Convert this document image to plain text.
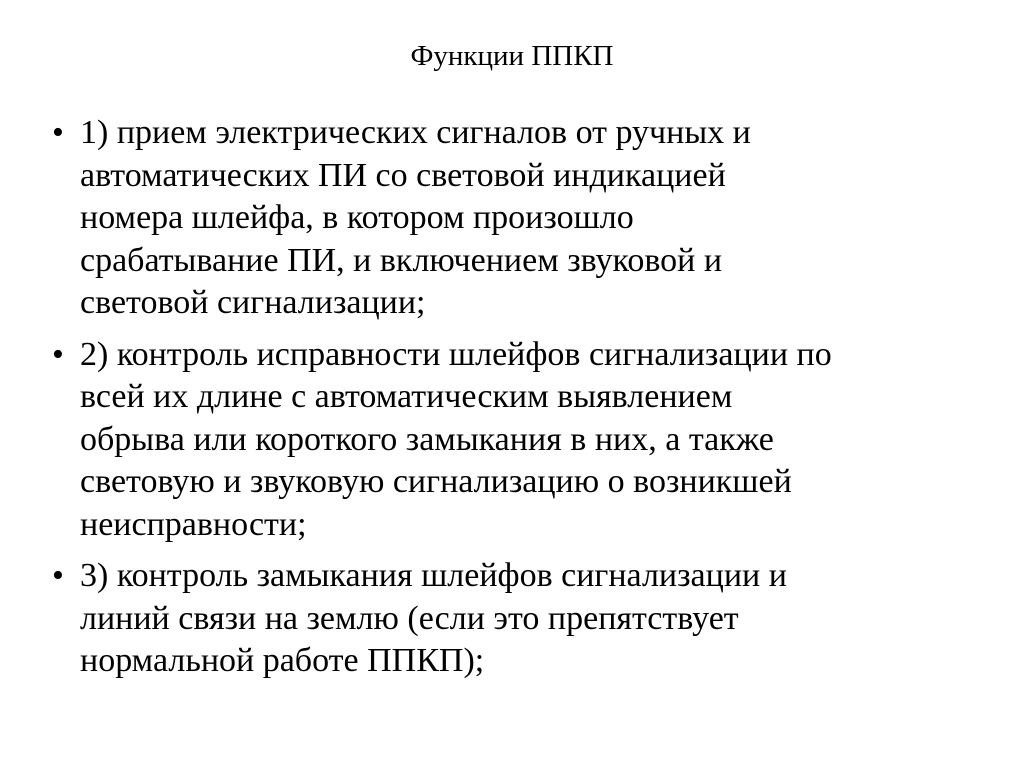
Функции ППКП
• 1) прием электрических сигналов от ручных и
автоматических ПИ со световой индикацией
номера шлейфа, в котором произошло
срабатывание ПИ, и включением звуковой и
световой сигнализации;
• 2) контроль исправности шлейфов сигнализации по
всей их длине с автоматическим выявлением
обрыва или короткого замыкания в них, а также
световую и звуковую сигнализацию о возникшей
неисправности;
• 3) контроль замыкания шлейфов сигнализации и
линий связи на землю (если это препятствует
нормальной работе ППКП);
